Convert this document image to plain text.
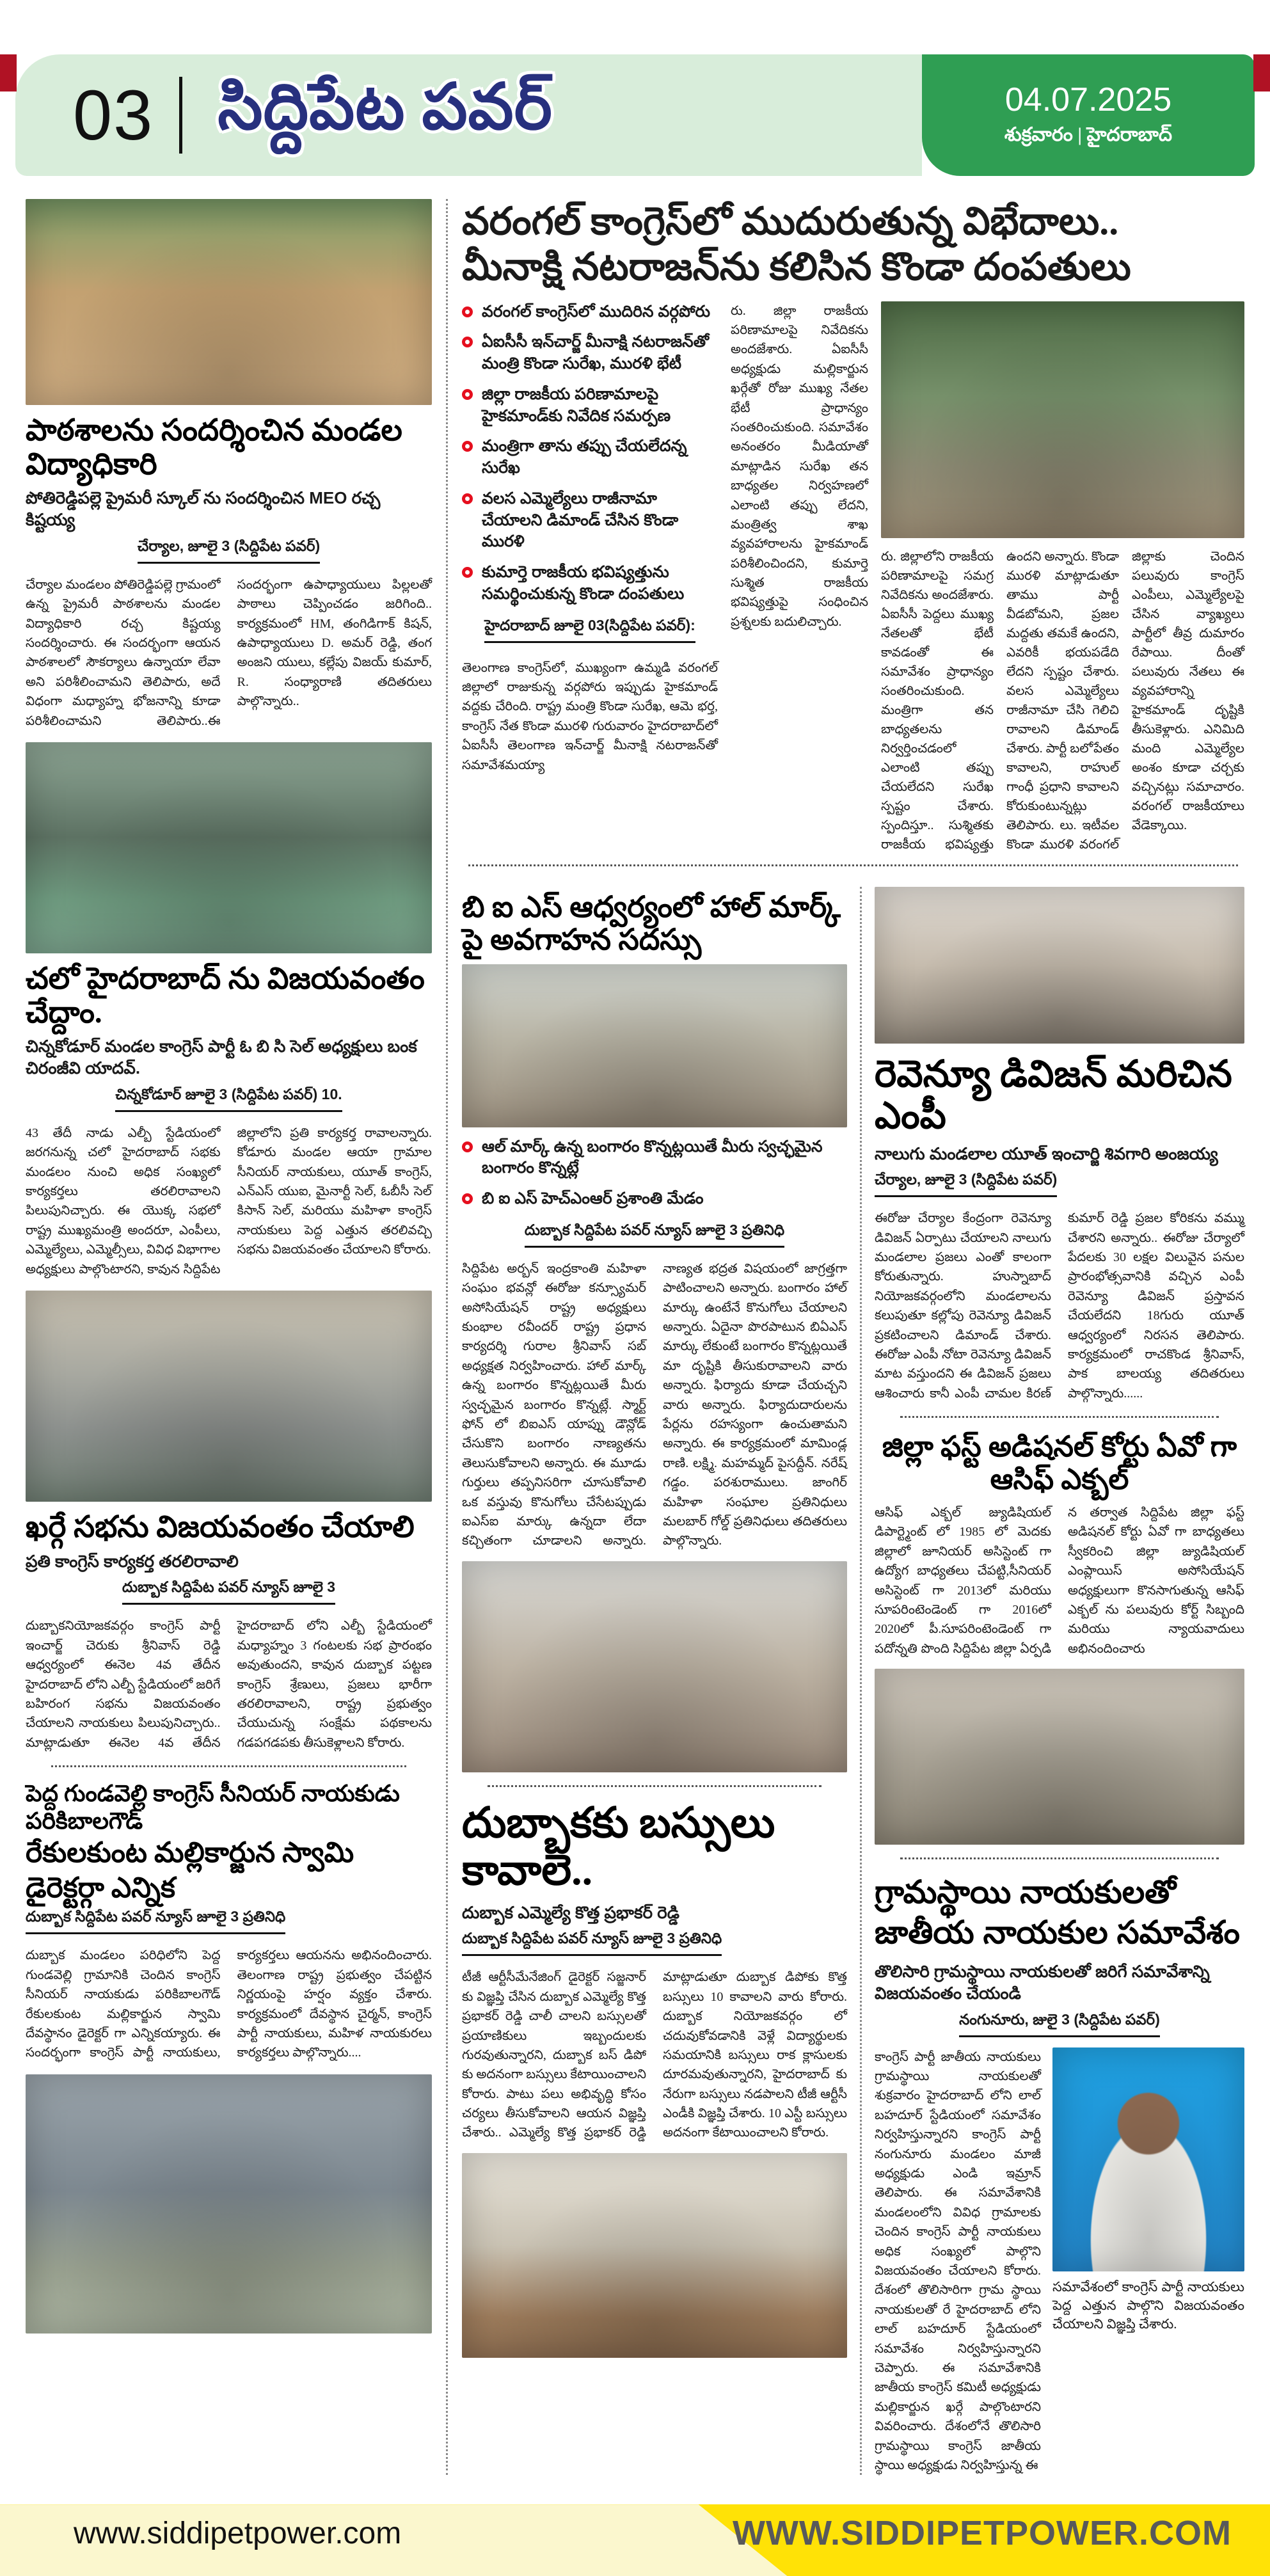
03 సిద్దిపేట పవర్	04.07.2025
శుక్రవారం | హైదరాబాద్
పాఠశాలను సందర్శించిన మండల విద్యాధికారి
పోతిరెడ్డిపల్లె ప్రైమరీ స్కూల్ ను సందర్శించిన MEO రచ్చ కిష్టయ్య
చేర్యాల, జూలై 3 (సిద్దిపేట పవర్)
చేర్యాల మండలం పోతిరెడ్డిపల్లె గ్రామంలో ఉన్న ప్రైమరీ పాఠశాలను మండల విద్యాధికారి రచ్చ కిష్టయ్య సందర్శించారు. ఈ సందర్భంగా ఆయన పాఠశాలలో సౌకర్యాలు ఉన్నాయా లేవా అని పరిశీలించామని తెలిపారు, అదే విధంగా మధ్యాహ్న భోజనాన్ని కూడా పరిశీలించామని తెలిపారు..ఈ సందర్భంగా ఉపాధ్యాయులు పిల్లలతో పాఠాలు చెప్పించడం జరిగింది.. కార్యక్రమంలో HM, తంగిడిగాక్ కిషన్, ఉపాధ్యాయులు D. అమర్ రెడ్డి, తంగ అంజని యులు, కల్లేపు విజయ్ కుమార్, R. సంధ్యారాణి తదితరులు పాల్గొన్నారు..
చలో హైదరాబాద్ ను విజయవంతం చేద్దాం.
చిన్నకోడూర్ మండల కాంగ్రెస్ పార్టీ ఓ బి సి సెల్ అధ్యక్షులు బంక చిరంజీవి యాదవ్.
చిన్నకోడూర్ జూలై 3 (సిద్దిపేట పవర్) 10.
43 తేదీ నాడు ఎల్బీ స్టేడియంలో జరగనున్న చలో హైదరాబాద్ సభకు మండలం నుంచి అధిక సంఖ్యలో కార్యకర్తలు తరలిరావాలని పిలుపునిచ్చారు. ఈ యొక్క సభలో రాష్ట్ర ముఖ్యమంత్రి అందరూ, ఎంపీలు, ఎమ్మెల్యేలు, ఎమ్మెల్సీలు, వివిధ విభాగాల అధ్యక్షులు పాల్గొంటారని, కావున సిద్దిపేట జిల్లాలోని ప్రతి కార్యకర్త రావాలన్నారు. కోడూరు మండల ఆయా గ్రామాల సీనియర్ నాయకులు, యూత్ కాంగ్రెస్, ఎన్ఎస్ యుఐ, మైనార్టీ సెల్, ఓబీసీ సెల్ కిసాన్ సెల్, మరియు మహిళా కాంగ్రెస్ నాయకులు పెద్ద ఎత్తున తరలివచ్చి సభను విజయవంతం చేయాలని కోరారు.
ఖర్గే సభను విజయవంతం చేయాలి
ప్రతి కాంగ్రెస్ కార్యకర్త తరలిరావాలి
దుబ్బాక సిద్దిపేట పవర్ న్యూస్ జూలై 3
దుబ్బాకనియోజకవర్గం కాంగ్రెస్ పార్టీ ఇంచార్జ్ చెరుకు శ్రీనివాస్ రెడ్డి ఆధ్వర్యంలో ఈనెల 4వ తేదీన హైదరాబాద్ లోని ఎల్బీ స్టేడియంలో జరిగే బహిరంగ సభను విజయవంతం చేయాలని నాయకులు పిలుపునిచ్చారు.. మాట్లాడుతూ ఈనెల 4వ తేదీన హైదరాబాద్ లోని ఎల్బీ స్టేడియంలో మధ్యాహ్నం 3 గంటలకు సభ ప్రారంభం అవుతుందని, కావున దుబ్బాక పట్టణ కాంగ్రెస్ శ్రేణులు, ప్రజలు భారీగా తరలిరావాలని, రాష్ట్ర ప్రభుత్వం చేయుచున్న సంక్షేమ పథకాలను గడపగడపకు తీసుకెళ్లాలని కోరారు.
పెద్ద గుండవెల్లి కాంగ్రెస్ సీనియర్ నాయకుడు పరికిబాలగౌడ్
రేకులకుంట మల్లికార్జున స్వామి డైరెక్టర్గా ఎన్నిక
దుబ్బాక సిద్దిపేట పవర్ న్యూస్ జూలై 3 ప్రతినిధి
దుబ్బాక మండలం పరిధిలోని పెద్ద గుండవెల్లి గ్రామానికి చెందిన కాంగ్రెస్ సీనియర్ నాయకుడు పరికిబాలగౌడ్ రేకులకుంట మల్లికార్జున స్వామి దేవస్థానం డైరెక్టర్ గా ఎన్నికయ్యారు. ఈ సందర్భంగా కాంగ్రెస్ పార్టీ నాయకులు, కార్యకర్తలు ఆయనను అభినందించారు. తెలంగాణ రాష్ట్ర ప్రభుత్వం చేపట్టిన నిర్ణయంపై హర్షం వ్యక్తం చేశారు. కార్యక్రమంలో దేవస్థాన చైర్మన్, కాంగ్రెస్ పార్టీ నాయకులు, మహిళ నాయకురలు కార్యకర్తలు పాల్గొన్నారు....
వరంగల్ కాంగ్రెస్‌లో ముదురుతున్న విభేదాలు..
మీనాక్షి నటరాజన్‌ను కలిసిన కొండా దంపతులు
వరంగల్ కాంగ్రెస్‌లో ముదిరిన వర్గపోరు
ఏఐసీసీ ఇన్‌చార్జ్ మీనాక్షి నటరాజన్‌తో మంత్రి కొండా సురేఖ, మురళి భేటీ
జిల్లా రాజకీయ పరిణామాలపై హైకమాండ్‌కు నివేదిక సమర్పణ
మంత్రిగా తాను తప్పు చేయలేదన్న సురేఖ
వలస ఎమ్మెల్యేలు రాజీనామా చేయాలని డిమాండ్ చేసిన కొండా మురళి
కుమార్తె రాజకీయ భవిష్యత్తును సమర్థించుకున్న కొండా దంపతులు
హైదరాబాద్ జూలై 03(సిద్దిపేట పవర్):
తెలంగాణ కాంగ్రెస్‌లో, ముఖ్యంగా ఉమ్మడి వరంగల్ జిల్లాలో రాజుకున్న వర్గపోరు ఇప్పుడు హైకమాండ్ వద్దకు చేరింది. రాష్ట్ర మంత్రి కొండా సురేఖ, ఆమె భర్త, కాంగ్రెస్ నేత కొండా మురళి గురువారం హైదరాబాద్‌లో ఏఐసీసీ తెలంగాణ ఇన్‌చార్జ్ మీనాక్షి నటరాజన్‌తో సమావేశమయ్యా
రు. జిల్లా రాజకీయ పరిణామాలపై నివేదికను అందజేశారు. ఏఐసీసీ అధ్యక్షుడు మల్లికార్జున ఖర్గేతో రోజు ముఖ్య నేతల భేటీ ప్రాధాన్యం సంతరించుకుంది. సమావేశం అనంతరం మీడియాతో మాట్లాడిన సురేఖ తన బాధ్యతల నిర్వహణలో ఎలాంటి తప్పు లేదని, మంత్రిత్వ శాఖ వ్యవహారాలను హైకమాండ్ పరిశీలించిందని, కుమార్తె సుశ్మిత రాజకీయ భవిష్యత్తుపై సంధించిన ప్రశ్నలకు బదులిచ్చారు.
రు. జిల్లాలోని రాజకీయ పరిణామాలపై సమగ్ర నివేదికను అందజేశారు. ఏఐసీసీ పెద్దలు ముఖ్య నేతలతో భేటీ కావడంతో ఈ సమావేశం ప్రాధాన్యం సంతరించుకుంది. మంత్రిగా తన బాధ్యతలను నిర్వర్తించడంలో ఎలాంటి తప్పు చేయలేదని సురేఖ స్పష్టం చేశారు. స్పందిస్తూ.. సుశ్మితకు రాజకీయ భవిష్యత్తు ఉందని అన్నారు. కొండా మురళి మాట్లాడుతూ తాము పార్టీ వీడబోమని, ప్రజల మద్దతు తమకే ఉందని, ఎవరికీ భయపడేది లేదని స్పష్టం చేశారు. వలస ఎమ్మెల్యేలు రాజీనామా చేసి గెలిచి రావాలని డిమాండ్ చేశారు. పార్టీ బలోపేతం కావాలని, రాహుల్ గాంధీ ప్రధాని కావాలని కోరుకుంటున్నట్లు తెలిపారు. లు. ఇటీవల కొండా మురళి వరంగల్ జిల్లాకు చెందిన పలువురు కాంగ్రెస్ ఎంపీలు, ఎమ్మెల్యేలపై చేసిన వ్యాఖ్యలు పార్టీలో తీవ్ర దుమారం రేపాయి. దీంతో పలువురు నేతలు ఈ వ్యవహారాన్ని హైకమాండ్ దృష్టికి తీసుకెళ్లారు. ఎనిమిది మంది ఎమ్మెల్యేల అంశం కూడా చర్చకు వచ్చినట్లు సమాచారం. వరంగల్ రాజకీయాలు వేడెక్కాయి.
బి ఐ ఎస్ ఆధ్వర్యంలో హాల్ మార్క్ పై అవగాహన సదస్సు
ఆల్ మార్క్ ఉన్న బంగారం కొన్నట్లయితే మీరు స్వచ్ఛమైన బంగారం కొన్నట్లే
బి ఐ ఎస్ హెచ్ఎంఆర్ ప్రశాంతి మేడం
దుబ్బాక సిద్దిపేట పవర్ న్యూస్ జూలై 3 ప్రతినిధి
సిద్దిపేట అర్బన్ ఇంద్రకాంతి మహిళా సంఘం భవన్లో ఈరోజు కన్స్యూమర్ అసోసియేషన్ రాష్ట్ర అధ్యక్షులు కుంభాల రవీందర్ రాష్ట్ర ప్రధాన కార్యదర్శి గురాల శ్రీనివాస్ సబ్ అధ్యక్షత నిర్వహించారు. హాల్ మార్క్ ఉన్న బంగారం కొన్నట్లయితే మీరు స్వచ్ఛమైన బంగారం కొన్నట్లే. స్మార్ట్ ఫోన్ లో బిఐఎస్ యాప్ను డౌన్లోడ్ చేసుకొని బంగారం నాణ్యతను తెలుసుకోవాలని అన్నారు. ఈ మూడు గుర్తులు తప్పనిసరిగా చూసుకోవాలి ఒక వస్తువు కొనుగోలు చేసేటప్పుడు ఐఎస్ఐ మార్కు ఉన్నదా లేదా కచ్చితంగా చూడాలని అన్నారు. నాణ్యత భద్రత విషయంలో జాగ్రత్తగా పాటించాలని అన్నారు. బంగారం హాల్ మార్కు ఉంటేనే కొనుగోలు చేయాలని అన్నారు. ఏదైనా పొరపాటున బిఏఎస్ మార్కు లేకుంటే బంగారం కొన్నట్లయితే మా దృష్టికి తీసుకురావాలని వారు అన్నారు. ఫిర్యాదు కూడా చేయచ్చని వారు అన్నారు. ఫిర్యాదుదారులను పేర్లను రహస్యంగా ఉంచుతామని అన్నారు. ఈ కార్యక్రమంలో మామిండ్ల రాణి. లక్ష్మి. మహమ్మద్ పైసద్దీన్. నరేష్ గడ్డం. పరశురాములు. జాంగిర్ మహిళా సంఘాల ప్రతినిధులు మలబార్ గోల్డ్ ప్రతినిధులు తదితరులు పాల్గొన్నారు.
దుబ్బాకకు బస్సులు కావాలె..
దుబ్బాక ఎమ్మెల్యే కొత్త ప్రభాకర్ రెడ్డి
దుబ్బాక సిద్దిపేట పవర్ న్యూస్ జూలై 3 ప్రతినిధి
టీజీ ఆర్టీసీమేనేజింగ్ డైరెక్టర్ సజ్జనార్ కు విజ్ఞప్తి చేసిన దుబ్బాక ఎమ్మెల్యే కొత్త ప్రభాకర్ రెడ్డి చాలీ చాలని బస్సులతో ప్రయాణికులు ఇబ్బందులకు గురవుతున్నారని, దుబ్బాక బస్ డిపో కు అదనంగా బస్సులు కేటాయించాలని కోరారు. పాటు పలు అభివృద్ధి కోసం చర్యలు తీసుకోవాలని ఆయన విజ్ఞప్తి చేశారు.. ఎమ్మెల్యే కొత్త ప్రభాకర్ రెడ్డి మాట్లాడుతూ దుబ్బాక డిపోకు కొత్త బస్సులు 10 కావాలని వారు కోరారు. దుబ్బాక నియోజకవర్గం లో చదువుకోవడానికి వెళ్లే విద్యార్థులకు సమయానికి బస్సులు రాక క్లాసులకు దూరమవుతున్నారని, హైదరాబాద్ కు నేరుగా బస్సులు నడపాలని టీజీ ఆర్టీసీ ఎండీకి విజ్ఞప్తి చేశారు. 10 ఎస్టీ బస్సులు అదనంగా కేటాయించాలని కోరారు.
రెవెన్యూ డివిజన్ మరిచిన ఎంపీ
నాలుగు మండలాల యూత్ ఇంచార్జి శివగారి అంజయ్య
చేర్యాల, జూలై 3 (సిద్దిపేట పవర్)
ఈరోజు చేర్యాల కేంద్రంగా రెవెన్యూ డివిజన్ ఏర్పాటు చేయాలని నాలుగు మండలాల ప్రజలు ఎంతో కాలంగా కోరుతున్నారు. హుస్నాబాద్ నియోజకవర్గంలోని మండలాలను కలుపుతూ కల్లోపు రెవెన్యూ డివిజన్ ప్రకటించాలని డిమాండ్ చేశారు. ఈరోజు ఎంపీ నోటా రెవెన్యూ డివిజన్ మాట వస్తుందని ఈ డివిజన్ ప్రజలు ఆశించారు కానీ ఎంపీ చామల కిరణ్ కుమార్ రెడ్డి ప్రజల కోరికను వమ్ము చేశారని అన్నారు.. ఈరోజు చేర్యాలో పేదలకు 30 లక్షల విలువైన పనుల ప్రారంభోత్సవానికి వచ్చిన ఎంపీ రెవెన్యూ డివిజన్ ప్రస్తావన చేయలేదని 18గురు యూత్ ఆధ్వర్యంలో నిరసన తెలిపారు. కార్యక్రమంలో రాచకొండ శ్రీనివాస్, పాక బాలయ్య తదితరులు పాల్గొన్నారు......
జిల్లా ఫస్ట్ అడిషనల్ కోర్టు ఏవో గా ఆసిఫ్ ఎక్బల్
ఆసిఫ్ ఎక్బల్ జ్యుడిషియల్ డిపార్ట్మెంట్ లో 1985 లో మెదకు జిల్లాలో జూనియర్ అసిస్టెంట్ గా ఉద్యోగ బాధ్యతలు చేపట్టి,సీనియర్ అసిస్టెంట్ గా 2013లో మరియు సూపరింటెండెంట్ గా 2016లో 2020లో పీ.సూపరింటెండెంట్ గా పదోన్నతి పొంది సిద్దిపేట జిల్లా ఏర్పడి న తర్వాత సిద్దిపేట జిల్లా ఫస్ట్ అడిషనల్ కోర్టు ఏవో గా బాధ్యతలు స్వీకరించి జిల్లా జ్యుడిషియల్ ఎంప్లాయిస్ అసోసియేషన్ అధ్యక్షులుగా కొనసాగుతున్న ఆసిఫ్ ఎక్బల్ ను పలువురు కోర్ట్ సిబ్బంది మరియు న్యాయవాదులు అభినందించారు
గ్రామస్థాయి నాయకులతో
జాతీయ నాయకుల సమావేశం
తొలిసారి గ్రామస్థాయి నాయకులతో జరిగే సమావేశాన్ని విజయవంతం చేయండి
నంగునూరు, జులై 3 (సిద్దిపేట పవర్)
కాంగ్రెస్ పార్టీ జాతీయ నాయకులు గ్రామస్థాయి నాయకులతో శుక్రవారం హైదరాబాద్ లోని లాల్ బహదూర్ స్టేడియంలో సమావేశం నిర్వహిస్తున్నారని కాంగ్రెస్ పార్టీ నంగునూరు మండలం మాజీ అధ్యక్షుడు ఎండి ఇమ్రాన్ తెలిపారు. ఈ సమావేశానికి మండలంలోని వివిధ గ్రామాలకు చెందిన కాంగ్రెస్ పార్టీ నాయకులు అధిక సంఖ్యలో పాల్గొని విజయవంతం చేయాలని కోరారు. దేశంలో తొలిసారిగా గ్రామ స్థాయి నాయకులతో రే హైదరాబాద్ లోని లాల్ బహదూర్ స్టేడియంలో సమావేశం నిర్వహిస్తున్నారని చెప్పారు. ఈ సమావేశానికి జాతీయ కాంగ్రెస్ కమిటీ అధ్యక్షుడు మల్లికార్జున ఖర్గే పాల్గొంటారని వివరించారు. దేశంలోనే తొలిసారి గ్రామస్థాయి కాంగ్రెస్ జాతీయ స్థాయి అధ్యక్షుడు నిర్వహిస్తున్న ఈ
సమావేశంలో కాంగ్రెస్ పార్టీ నాయకులు పెద్ద ఎత్తున పాల్గొని విజయవంతం చేయాలని విజ్ఞప్తి చేశారు.
www.siddipetpower.com	WWW.SIDDIPETPOWER.COM
